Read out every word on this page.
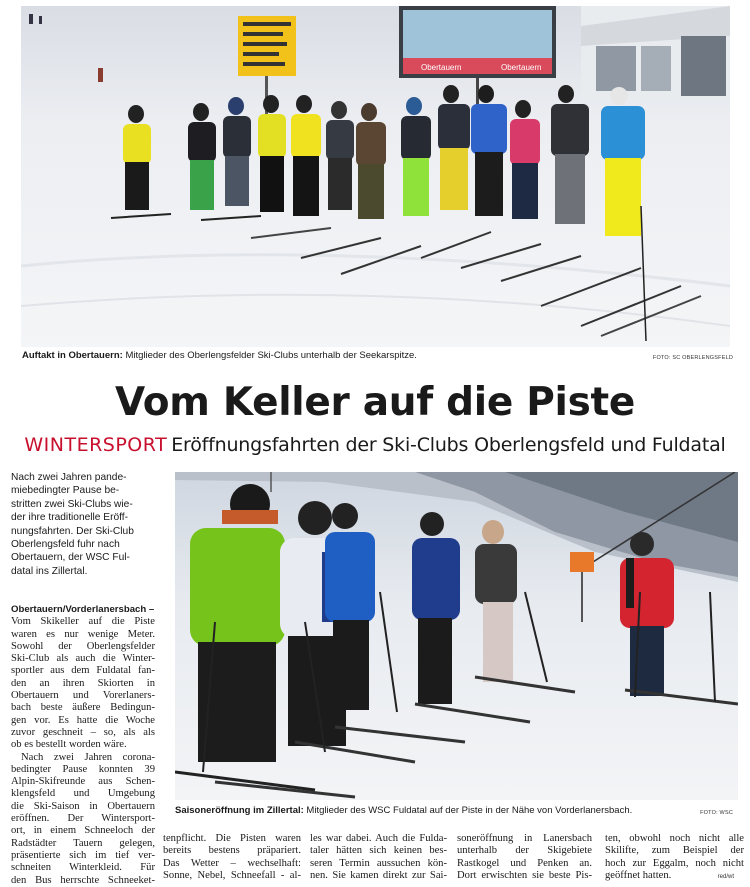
Obertauern	Obertauern
Auftakt in Obertauern: Mitglieder des Oberlengsfelder Ski-Clubs unterhalb der Seekarspitze.	FOTO: SC OBERLENGSFELD
Vom Keller auf die Piste
WINTERSPORT Eröffnungsfahrten der Ski-Clubs Oberlengsfeld und Fuldatal
Nach zwei Jahren pande-
miebedingter Pause be-
stritten zwei Ski-Clubs wie-
der ihre traditionelle Eröff-
nungsfahrten. Der Ski-Club
Oberlengsfeld fuhr nach
Obertauern, der WSC Ful-
datal ins Zillertal.
Obertauern/Vorderlanersbach –
Vom Skikeller auf die Piste
waren es nur wenige Meter.
Sowohl der Oberlengsfelder
Ski-Club als auch die Winter-
sportler aus dem Fuldatal fan-
den an ihren Skiorten in
Obertauern und Vorerlaners-
bach beste äußere Bedingun-
gen vor. Es hatte die Woche
zuvor geschneit – so, als als
ob es bestellt worden wäre.
Nach zwei Jahren corona-
bedingter Pause konnten 39
Alpin-Skifreunde aus Schen-
klengsfeld und Umgebung
die Ski-Saison in Obertauern
eröffnen. Der Wintersport-
ort, in einem Schneeloch der
Radstädter Tauern gelegen,
präsentierte sich im tief ver-
schneiten Winterkleid. Für
den Bus herrschte Schneeket-
Saisoneröffnung im Zillertal: Mitglieder des WSC Fuldatal auf der Piste in der Nähe von Vorderlanersbach.	FOTO: WSC
tenpflicht. Die Pisten waren
bereits bestens präpariert.
Das Wetter – wechselhaft:
Sonne, Nebel, Schneefall - al-
les war dabei. Auch die Fulda-
taler hätten sich keinen bes-
seren Termin aussuchen kön-
nen. Sie kamen direkt zur Sai-
soneröffnung in Lanersbach
unterhalb der Skigebiete
Rastkogel und Penken an.
Dort erwischten sie beste Pis-
ten, obwohl noch nicht alle
Skilifte, zum Beispiel der
hoch zur Eggalm, noch nicht
geöffnet hatten.	red/wt
